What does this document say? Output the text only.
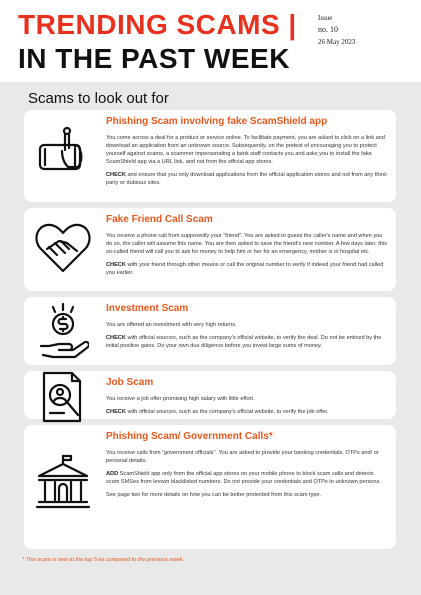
TRENDING SCAMS |
IN THE PAST WEEK
Issue
no. 10
26 May 2023
Scams to look out for
Phishing Scam involving fake ScamShield app

You come across a deal for a product or service online. To facilitate payment, you are asked to click on a link and download an application from an unknown source. Subsequently, on the pretext of encouraging you to protect yourself against scams, a scammer impersonating a bank staff contacts you and asks you to install the fake ScamShield app via a URL link, and not from the official app stores.

CHECK and ensure that you only download applications from the official application stores and not from any third-party or dubious sites.

Fake Friend Call Scam

You receive a phone call from supposedly your “friend”. You are asked to guess the caller's name and when you do so, the caller will assume this name. You are then asked to save the friend's new number. A few days later, this so-called friend will call you to ask for money to help him or her for an emergency, mother is in hospital etc.

CHECK with your friend through other means or call the original number to verify if indeed your friend had called you earlier.

Investment Scam

You are offered an investment with very high returns.

CHECK with official sources, such as the company's official website, to verify the deal. Do not be enticed by the initial positive gains. Do your own due diligence before you invest large sums of money.

Job Scam

You receive a job offer promising high salary with little effort.

CHECK with official sources, such as the company's official website, to verify the job offer.

Phishing Scam/ Government Calls*

You receive calls from “government officials”. You are asked to provide your banking credentials, OTPs and/ or personal details.

ADD ScamShield app only from the official app stores on your mobile phone to block scam calls and detects scam SMSes from known blacklisted numbers. Do not provide your credentials and OTPs to unknown persons.

See page two for more details on how you can be better protected from this scam type.

* This scam is new to the top 5 as compared to the previous week.
